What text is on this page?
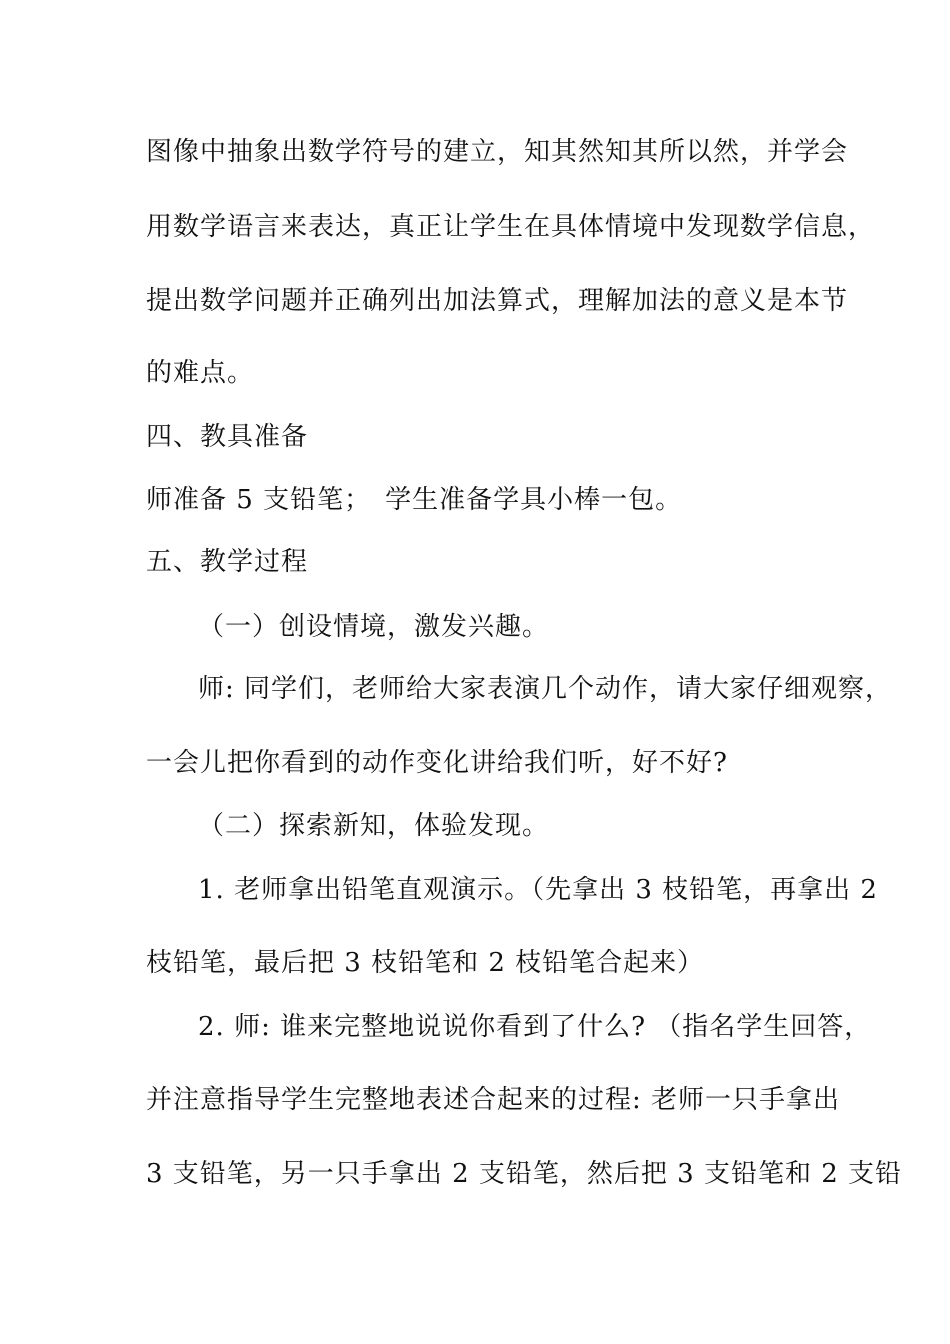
图像中抽象出数学符号的建立，知其然知其所以然，并学会
用数学语言来表达，真正让学生在具体情境中发现数学信息，
提出数学问题并正确列出加法算式，理解加法的意义是本节
的难点。
四、教具准备
师准备 5 支铅笔；　学生准备学具小棒一包。
五、教学过程
（一）创设情境，激发兴趣。
师: 同学们，老师给大家表演几个动作，请大家仔细观察，
一会儿把你看到的动作变化讲给我们听，好不好?
（二）探索新知，体验发现。
1. 老师拿出铅笔直观演示。（先拿出 3 枝铅笔，再拿出 2
枝铅笔，最后把 3 枝铅笔和 2 枝铅笔合起来）
2. 师: 谁来完整地说说你看到了什么? （指名学生回答，
并注意指导学生完整地表述合起来的过程: 老师一只手拿出
3 支铅笔，另一只手拿出 2 支铅笔，然后把 3 支铅笔和 2 支铅
